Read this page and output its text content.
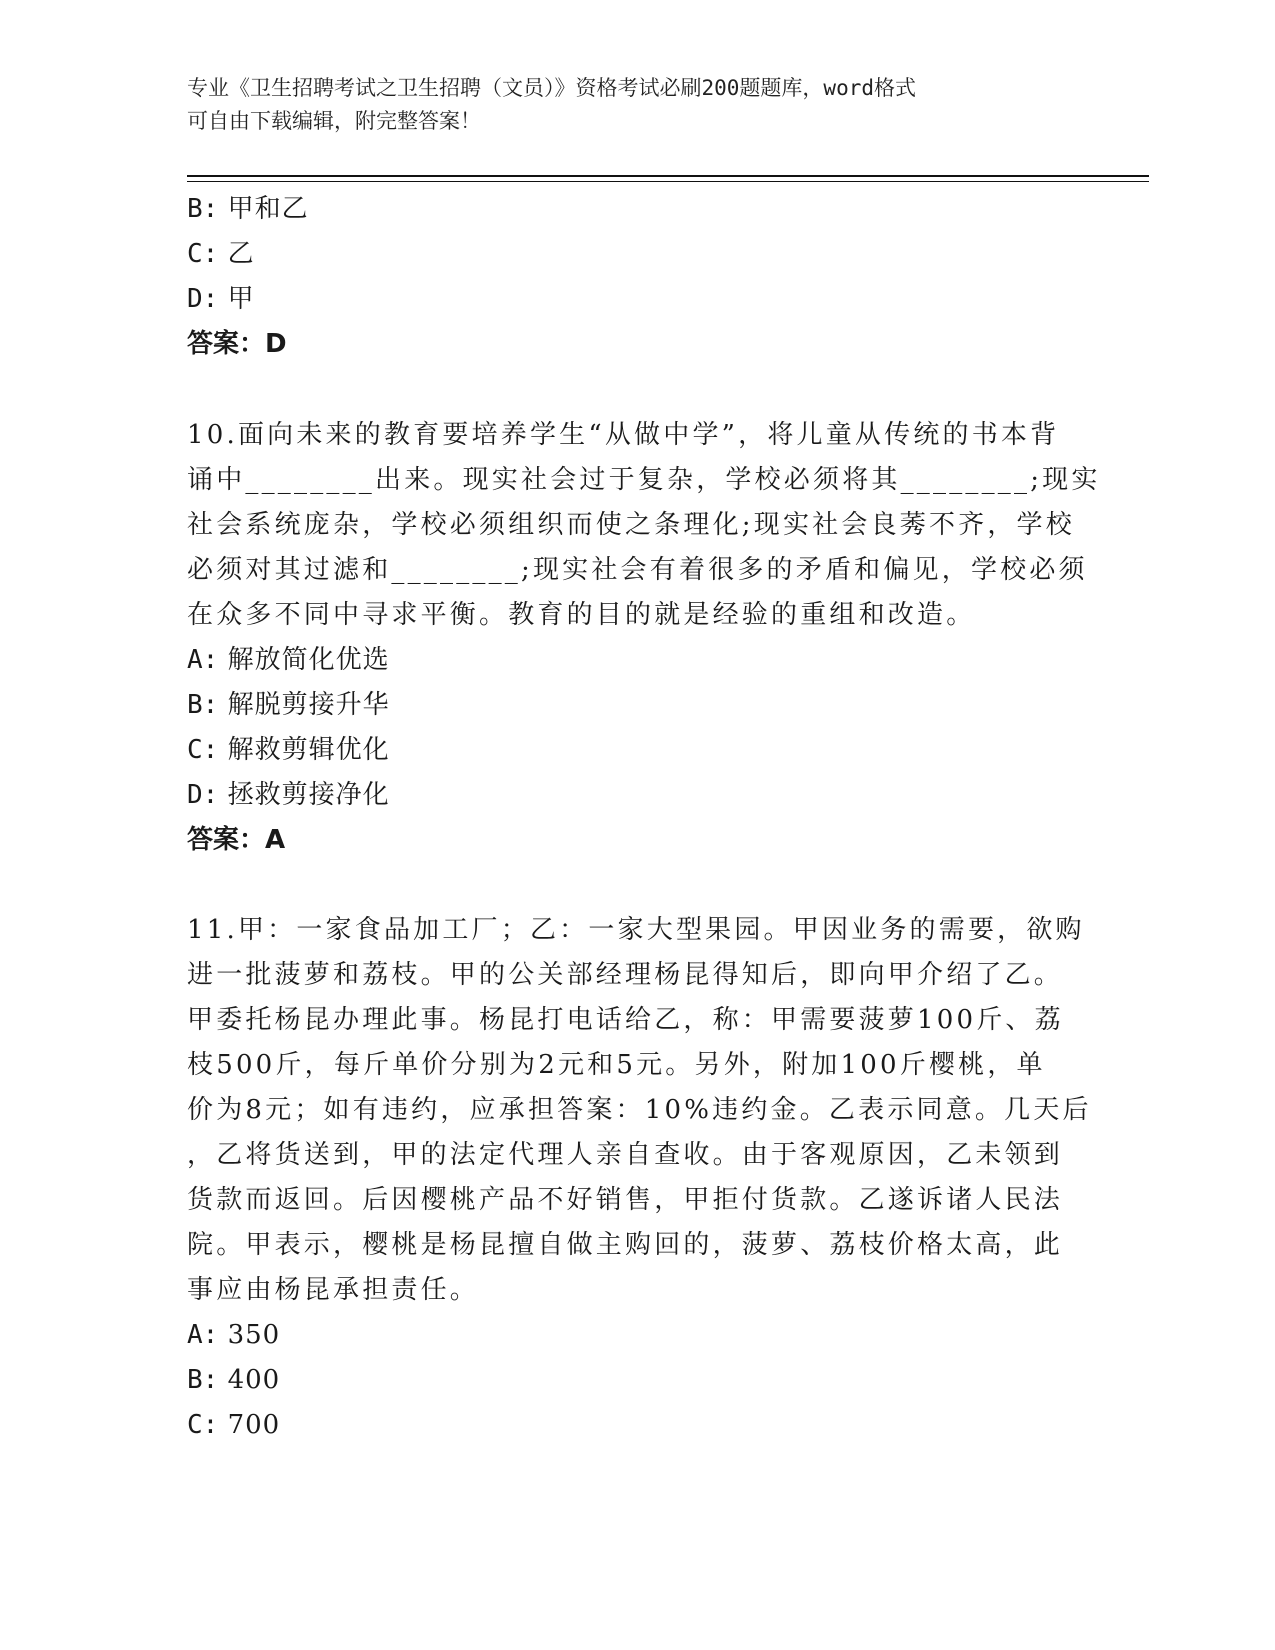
专业《卫生招聘考试之卫生招聘（文员）》资格考试必刷200题题库，word格式
可自由下载编辑，附完整答案！
B: 甲和乙
C: 乙
D: 甲
答案：D
10.面向未来的教育要培养学生“从做中学”，将儿童从传统的书本背
诵中________出来。现实社会过于复杂，学校必须将其________;现实
社会系统庞杂，学校必须组织而使之条理化;现实社会良莠不齐，学校
必须对其过滤和________;现实社会有着很多的矛盾和偏见，学校必须
在众多不同中寻求平衡。教育的目的就是经验的重组和改造。
A: 解放简化优选
B: 解脱剪接升华
C: 解救剪辑优化
D: 拯救剪接净化
答案：A
11.甲：一家食品加工厂；乙：一家大型果园。甲因业务的需要，欲购
进一批菠萝和荔枝。甲的公关部经理杨昆得知后，即向甲介绍了乙。
甲委托杨昆办理此事。杨昆打电话给乙，称：甲需要菠萝100斤、荔
枝500斤，每斤单价分别为2元和5元。另外，附加100斤樱桃，单
价为8元；如有违约，应承担答案：10%违约金。乙表示同意。几天后
，乙将货送到，甲的法定代理人亲自查收。由于客观原因，乙未领到
货款而返回。后因樱桃产品不好销售，甲拒付货款。乙遂诉诸人民法
院。甲表示，樱桃是杨昆擅自做主购回的，菠萝、荔枝价格太高，此
事应由杨昆承担责任。
A: 350
B: 400
C: 700
